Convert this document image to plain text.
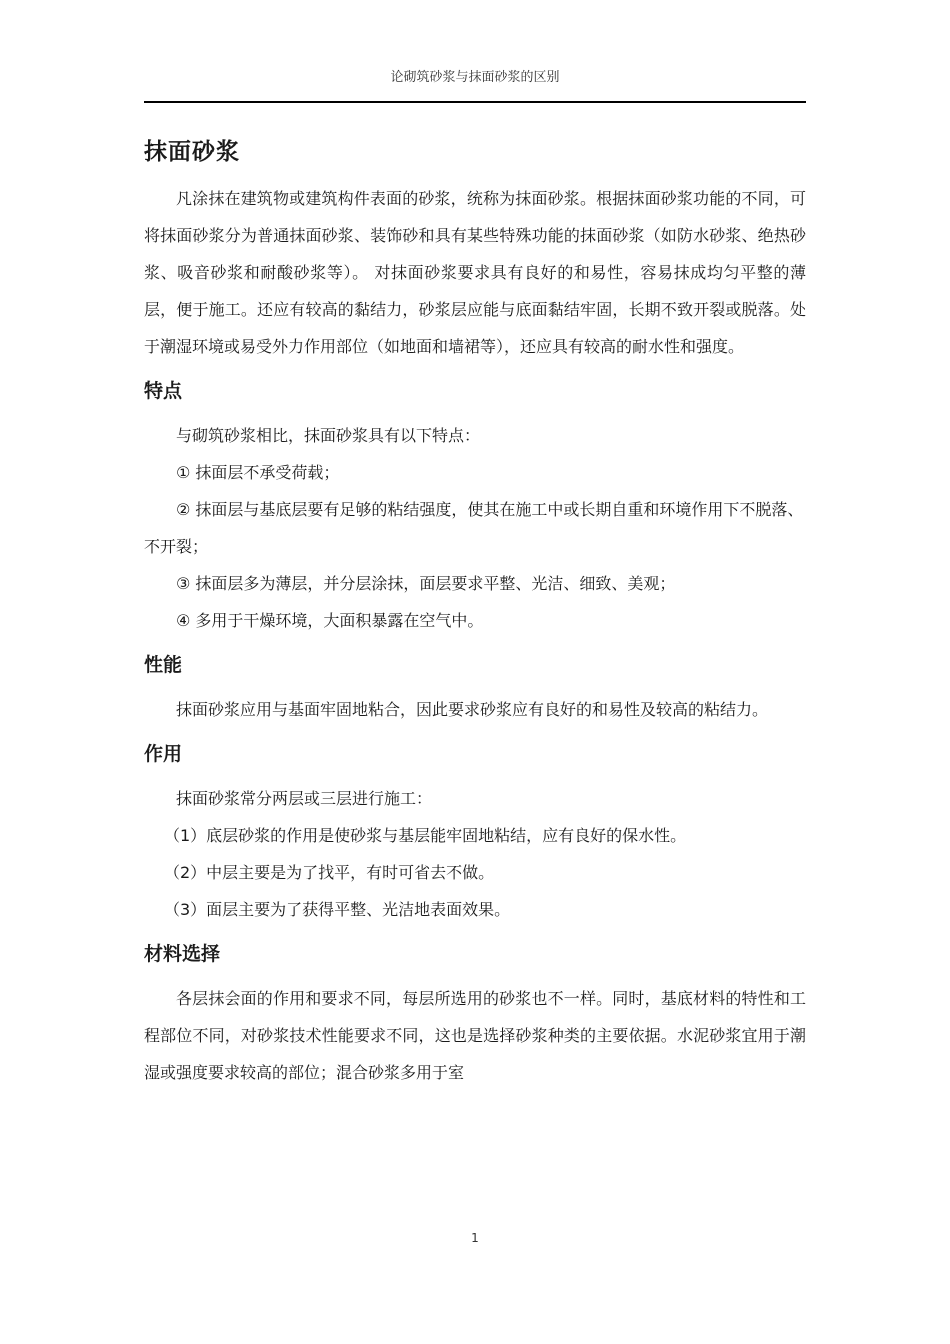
论砌筑砂浆与抹面砂浆的区别
抹面砂浆

凡涂抹在建筑物或建筑构件表面的砂浆，统称为抹面砂浆。根据抹面砂浆功能的不同，可将抹面砂浆分为普通抹面砂浆、装饰砂和具有某些特殊功能的抹面砂浆（如防水砂浆、绝热砂浆、吸音砂浆和耐酸砂浆等）。 对抹面砂浆要求具有良好的和易性，容易抹成均匀平整的薄层，便于施工。还应有较高的黏结力，砂浆层应能与底面黏结牢固，长期不致开裂或脱落。处于潮湿环境或易受外力作用部位（如地面和墙裙等），还应具有较高的耐水性和强度。

特点

与砌筑砂浆相比，抹面砂浆具有以下特点：

① 抹面层不承受荷载；

② 抹面层与基底层要有足够的粘结强度，使其在施工中或长期自重和环境作用下不脱落、不开裂；

③ 抹面层多为薄层，并分层涂抹，面层要求平整、光洁、细致、美观；

④ 多用于干燥环境，大面积暴露在空气中。

性能

抹面砂浆应用与基面牢固地粘合，因此要求砂浆应有良好的和易性及较高的粘结力。

作用

抹面砂浆常分两层或三层进行施工：

（1）底层砂浆的作用是使砂浆与基层能牢固地粘结，应有良好的保水性。

（2）中层主要是为了找平，有时可省去不做。

（3）面层主要为了获得平整、光洁地表面效果。

材料选择

各层抹会面的作用和要求不同，每层所选用的砂浆也不一样。同时，基底材料的特性和工程部位不同，对砂浆技术性能要求不同，这也是选择砂浆种类的主要依据。水泥砂浆宜用于潮湿或强度要求较高的部位；混合砂浆多用于室

1
